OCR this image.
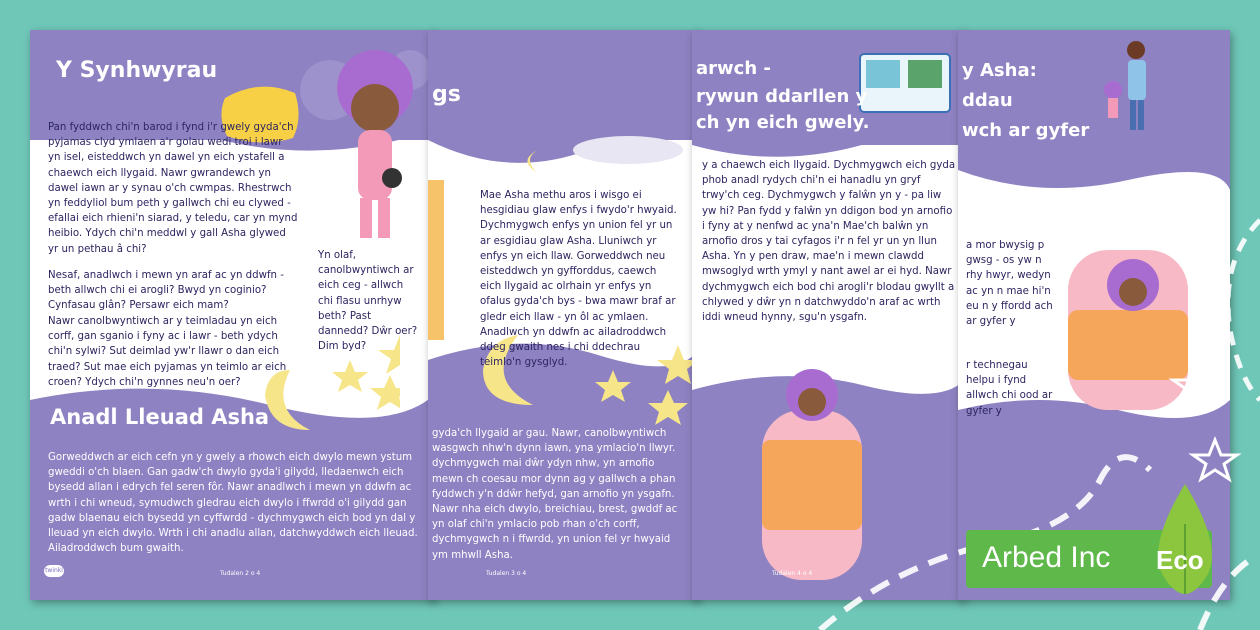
Y Synhwyrau
Pan fyddwch chi'n barod i fynd i'r gwely gyda'ch pyjamas clyd ymlaen a'r golau wedi troi i lawr yn isel, eisteddwch yn dawel yn eich ystafell a chaewch eich llygaid. Nawr gwrandewch yn dawel iawn ar y synau o'ch cwmpas. Rhestrwch yn feddyliol bum peth y gallwch chi eu clywed - efallai eich rhieni'n siarad, y teledu, car yn mynd heibio. Ydych chi'n meddwl y gall Asha glywed yr un pethau â chi?
Nesaf, anadlwch i mewn yn araf ac yn ddwfn - beth allwch chi ei arogli? Bwyd yn coginio? Cynfasau glân? Persawr eich mam?
Nawr canolbwyntiwch ar y teimladau yn eich corff, gan sganio i fyny ac i lawr - beth ydych chi'n sylwi? Sut deimlad yw'r llawr o dan eich traed? Sut mae eich pyjamas yn teimlo ar eich croen? Ydych chi'n gynnes neu'n oer?
Yn olaf, canolbwyntiwch ar eich ceg - allwch chi flasu unrhyw beth? Past dannedd? Dŵr oer? Dim byd?
Anadl Lleuad Asha
Gorweddwch ar eich cefn yn y gwely a rhowch eich dwylo mewn ystum gweddi o'ch blaen. Gan gadw'ch dwylo gyda'i gilydd, lledaenwch eich bysedd allan i edrych fel seren fôr. Nawr anadlwch i mewn yn ddwfn ac wrth i chi wneud, symudwch gledrau eich dwylo i ffwrdd o'i gilydd gan gadw blaenau eich bysedd yn cyffwrdd - dychmygwch eich bod yn dal y lleuad yn eich dwylo. Wrth i chi anadlu allan, datchwyddwch eich lleuad. Ailadroddwch bum gwaith.
twinkl	Tudalen 2 o 4
gs
Mae Asha methu aros i wisgo ei hesgidiau glaw enfys i fwydo'r hwyaid. Dychmygwch enfys yn union fel yr un ar esgidiau glaw Asha. Lluniwch yr enfys yn eich llaw. Gorweddwch neu eisteddwch yn gyfforddus, caewch eich llygaid ac olrhain yr enfys yn ofalus gyda'ch bys - bwa mawr braf ar gledr eich llaw - yn ôl ac ymlaen. Anadlwch yn ddwfn ac ailadroddwch ddeg gwaith nes i chi ddechrau teimlo'n gysglyd.
gyda'ch llygaid ar gau. Nawr, canolbwyntiwch wasgwch nhw'n dynn iawn, yna ymlacio'n llwyr. dychmygwch mai dŵr ydyn nhw, yn arnofio mewn ch coesau mor dynn ag y gallwch a phan fyddwch y'n ddŵr hefyd, gan arnofio yn ysgafn. Nawr nha eich dwylo, breichiau, brest, gwddf ac yn olaf chi'n ymlacio pob rhan o'ch corff, dychmygwch n i ffwrdd, yn union fel yr hwyaid ym mhwll Asha.
Tudalen 3 o 4
arwch -
rywun ddarllen y
ch yn eich gwely.
y a chaewch eich llygaid. Dychmygwch eich gyda phob anadl rydych chi'n ei hanadlu yn gryf trwy'ch ceg. Dychmygwch y falŵn yn y - pa liw yw hi? Pan fydd y falŵn yn ddigon bod yn arnofio i fyny at y nenfwd ac yna'n Mae'ch balŵn yn arnofio dros y tai cyfagos i'r n fel yr un yn llun Asha. Yn y pen draw, mae'n i mewn clawdd mwsoglyd wrth ymyl y nant awel ar ei hyd. Nawr dychmygwch eich bod chi arogli'r blodau gwyllt a chlywed y dŵr yn n datchwyddo'n araf ac wrth iddi wneud hynny, sgu'n ysgafn.
Tudalen 4 o 4
y Asha:
ddau
wch ar gyfer
a mor bwysig p gwsg - os yw n rhy hwyr, wedyn ac yn n mae hi'n eu n y ffordd ach ar gyfer y
r technegau helpu i fynd allwch chi ood ar gyfer y
Arbed Inc Eco
